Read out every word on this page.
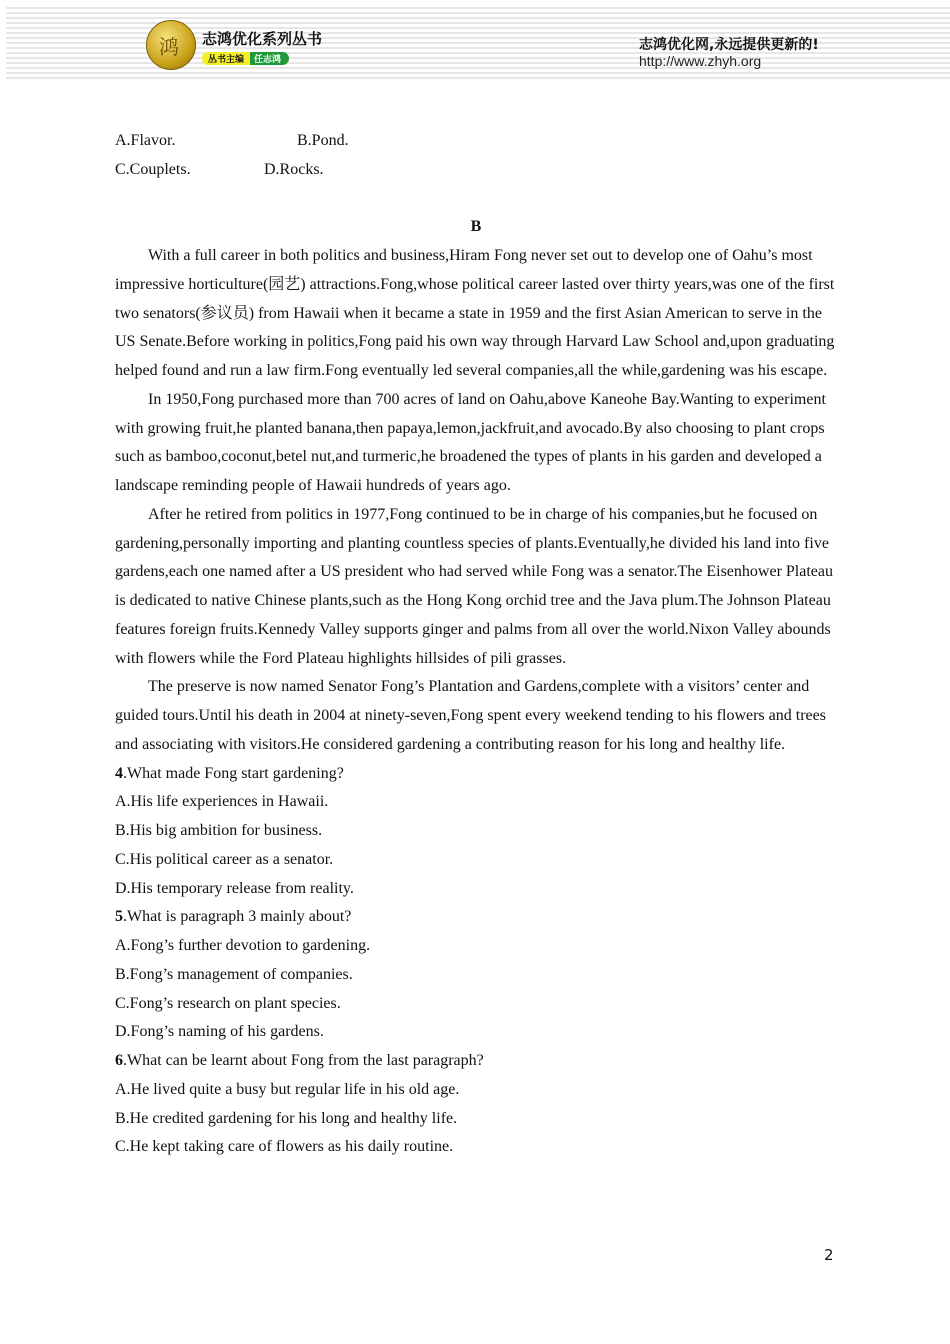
鸿 志鸿优化系列丛书
丛书主编	任志鸿
志鸿优化网,永远提供更新的!
http://www.zhyh.org

A.Flavor.	B.Pond.

C.Couplets.	D.Rocks.

B

With a full career in both politics and business,Hiram Fong never set out to develop one of Oahu’s most impressive horticulture(园艺) attractions.Fong,whose political career lasted over thirty years,was one of the first two senators(参议员) from Hawaii when it became a state in 1959 and the first Asian American to serve in the US Senate.Before working in politics,Fong paid his own way through Harvard Law School and,upon graduating helped found and run a law firm.Fong eventually led several companies,all the while,gardening was his escape.

In 1950,Fong purchased more than 700 acres of land on Oahu,above Kaneohe Bay.Wanting to experiment with growing fruit,he planted banana,then papaya,lemon,jackfruit,and avocado.By also choosing to plant crops such as bamboo,coconut,betel nut,and turmeric,he broadened the types of plants in his garden and developed a landscape reminding people of Hawaii hundreds of years ago.

After he retired from politics in 1977,Fong continued to be in charge of his companies,but he focused on gardening,personally importing and planting countless species of plants.Eventually,he divided his land into five gardens,each one named after a US president who had served while Fong was a senator.The Eisenhower Plateau is dedicated to native Chinese plants,such as the Hong Kong orchid tree and the Java plum.The Johnson Plateau features foreign fruits.Kennedy Valley supports ginger and palms from all over the world.Nixon Valley abounds with flowers while the Ford Plateau highlights hillsides of pili grasses.

The preserve is now named Senator Fong’s Plantation and Gardens,complete with a visitors’ center and guided tours.Until his death in 2004 at ninety-seven,Fong spent every weekend tending to his flowers and trees and associating with visitors.He considered gardening a contributing reason for his long and healthy life.

4.What made Fong start gardening?

A.His life experiences in Hawaii.

B.His big ambition for business.

C.His political career as a senator.

D.His temporary release from reality.

5.What is paragraph 3 mainly about?

A.Fong’s further devotion to gardening.

B.Fong’s management of companies.

C.Fong’s research on plant species.

D.Fong’s naming of his gardens.

6.What can be learnt about Fong from the last paragraph?

A.He lived quite a busy but regular life in his old age.

B.He credited gardening for his long and healthy life.

C.He kept taking care of flowers as his daily routine.

2
